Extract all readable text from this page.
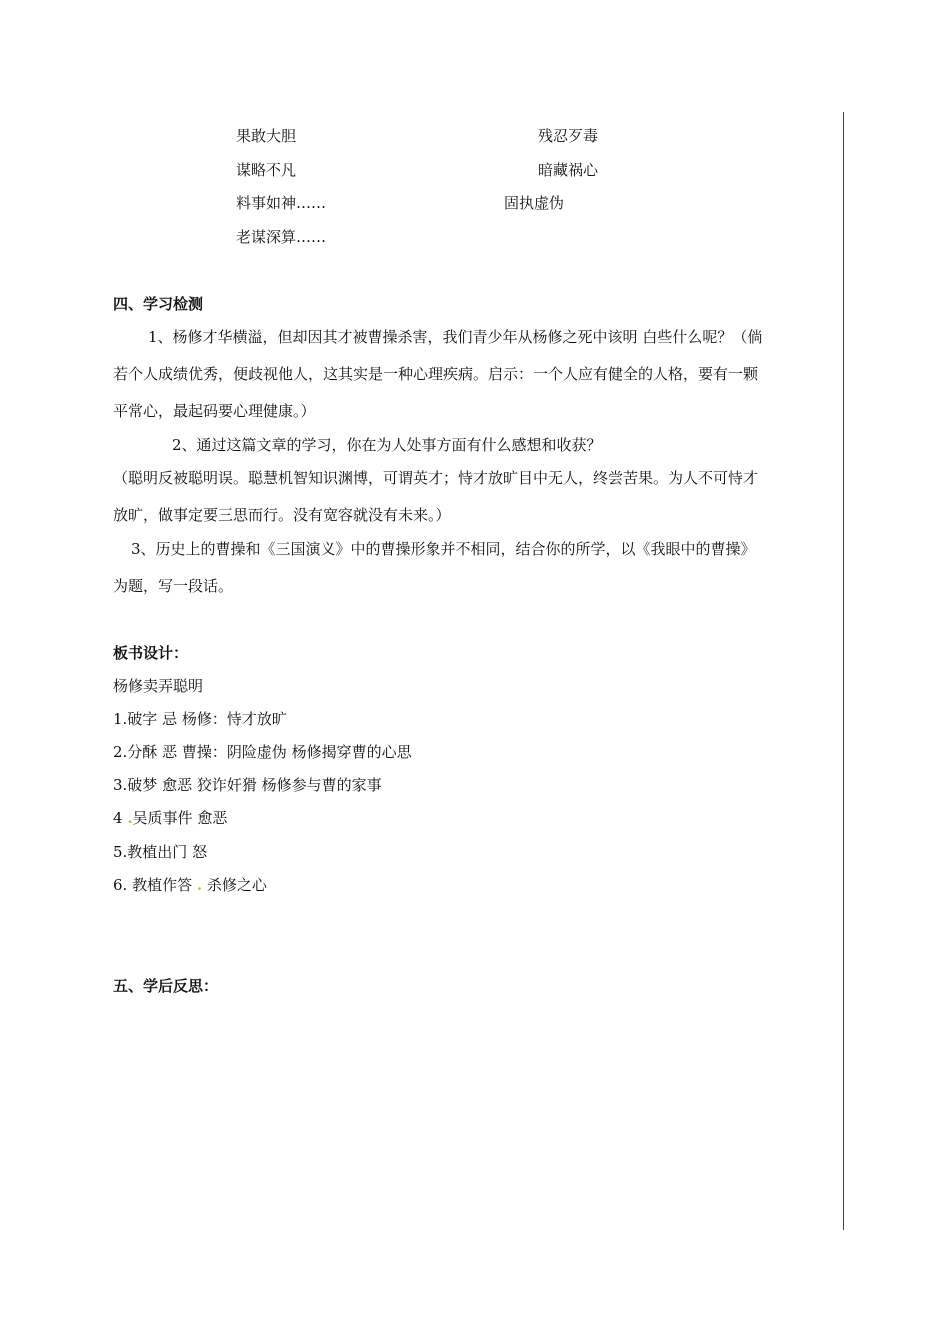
果敢大胆	残忍歹毒
谋略不凡	暗藏祸心
料事如神……	固执虚伪
老谋深算……
四、学习检测
1、杨修才华横溢，但却因其才被曹操杀害，我们青少年从杨修之死中该明 白些什么呢？（倘
若个人成绩优秀，便歧视他人，这其实是一种心理疾病。启示：一个人应有健全的人格，要有一颗
平常心，最起码要心理健康。）
2、通过这篇文章的学习，你在为人处事方面有什么感想和收获？
（聪明反被聪明误。聪慧机智知识渊博，可谓英才；恃才放旷目中无人，终尝苦果。为人不可恃才
放旷，做事定要三思而行。没有宽容就没有未来。）
3、历史上的曹操和《三国演义》中的曹操形象并不相同，结合你的所学，以《我眼中的曹操》
为题，写一段话。
板书设计：
杨修卖弄聪明
1.破字 忌 杨修：恃才放旷
2.分酥 恶 曹操：阴险虚伪 杨修揭穿曹的心思
3.破梦 愈恶 狡诈奸猾 杨修参与曹的家事
4 .吴质事件 愈恶
5.教植出门 怒
6. 教植作答 . 杀修之心
五、学后反思：
